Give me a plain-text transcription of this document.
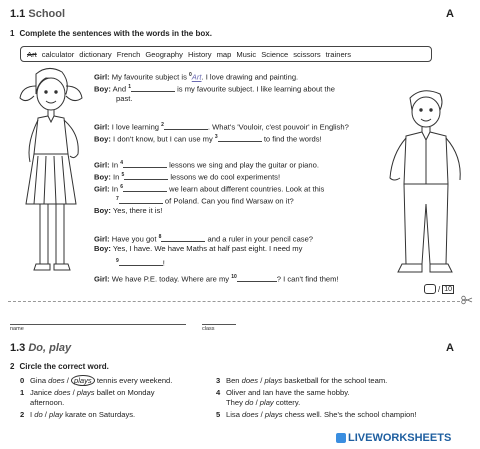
1.1 School	A
1 Complete the sentences with the words in the box.
Art calculator dictionary French Geography History map Music Science scissors trainers
Girl: My favourite subject is $^0$Art. I love drawing and painting.
Boy: And $^1$	is my favourite subject. I like learning about the
past.
Girl: I love learning $^2$	. What's 'Vouloir, c'est pouvoir' in English?
Boy: I don't know, but I can use my $^3$	to find the words!
Girl: In $^4$	lessons we sing and play the guitar or piano.
Boy: In $^5$	lessons we do cool experiments!
Girl: In $^6$	we learn about different countries. Look at this
$^7$	of Poland. Can you find Warsaw on it?
Boy: Yes, there it is!
Girl: Have you got $^8$	and a ruler in your pencil case?
Boy: Yes, I have. We have Maths at half past eight. I need my
$^9$	!
Girl: We have P.E. today. Where are my $^{10}$	? I can't find them!
/ 10
name	class
1.3 Do, play	A
2 Circle the correct word.
0 Gina does / plays tennis every weekend.
1 Janice does / plays ballet on Monday
afternoon.
2 I do / play karate on Saturdays.
3 Ben does / plays basketball for the school team.
4 Oliver and Ian have the same hobby.
They do / play cottery.
5 Lisa does / plays chess well. She's the school champion!
LIVEWORKSHEETS
